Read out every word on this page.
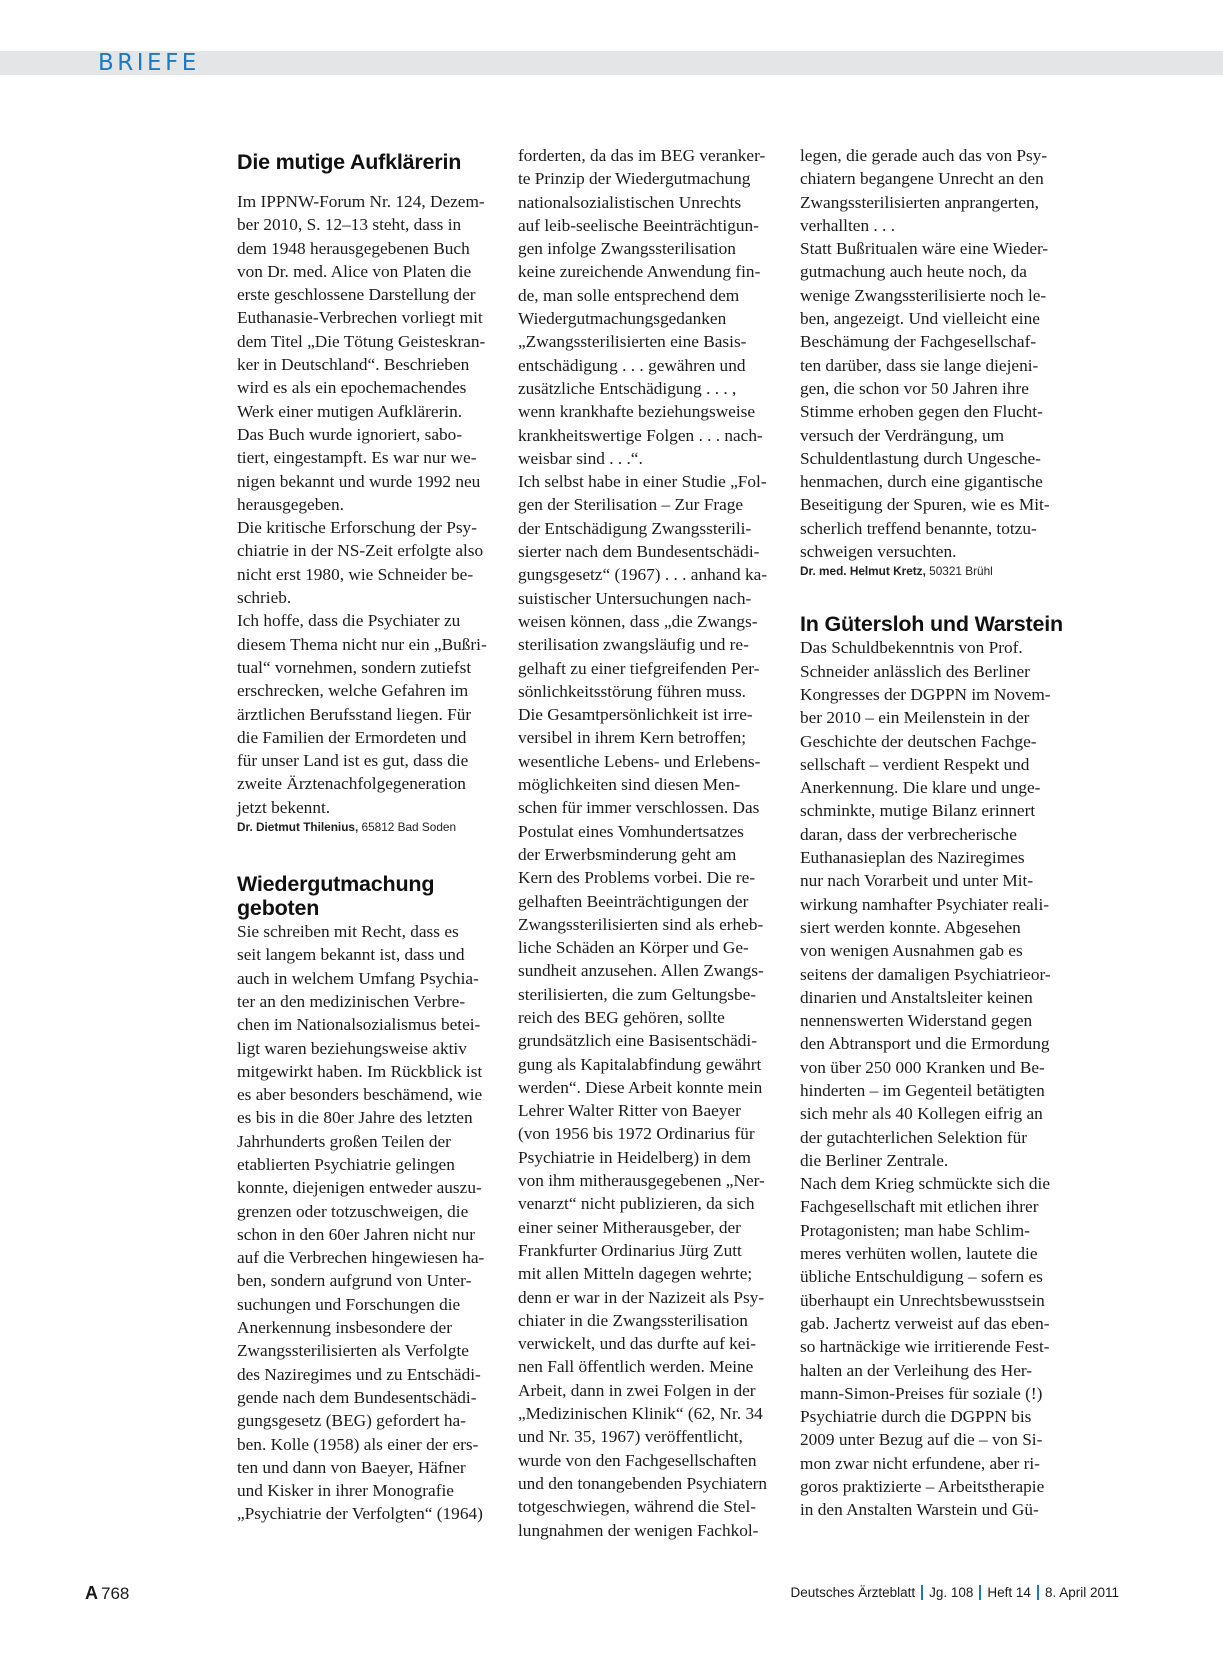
BRIEFE
Die mutige Aufklärerin

Im IPPNW-Forum Nr. 124, Dezem-
ber 2010, S. 12–13 steht, dass in
dem 1948 herausgegebenen Buch
von Dr. med. Alice von Platen die
erste geschlossene Darstellung der
Euthanasie-Verbrechen vorliegt mit
dem Titel „Die Tötung Geisteskran-
ker in Deutschland“. Beschrieben
wird es als ein epochemachendes
Werk einer mutigen Aufklärerin.
Das Buch wurde ignoriert, sabo-
tiert, eingestampft. Es war nur we-
nigen bekannt und wurde 1992 neu
herausgegeben.

Die kritische Erforschung der Psy-
chiatrie in der NS-Zeit erfolgte also
nicht erst 1980, wie Schneider be-
schrieb.

Ich hoffe, dass die Psychiater zu
diesem Thema nicht nur ein „Bußri-
tual“ vornehmen, sondern zutiefst
erschrecken, welche Gefahren im
ärztlichen Berufsstand liegen. Für
die Familien der Ermordeten und
für unser Land ist es gut, dass die
zweite Ärztenachfolgegeneration
jetzt bekennt.

Dr. Dietmut Thilenius, 65812 Bad Soden

Wiedergutmachung
geboten

Sie schreiben mit Recht, dass es
seit langem bekannt ist, dass und
auch in welchem Umfang Psychia-
ter an den medizinischen Verbre-
chen im Nationalsozialismus betei-
ligt waren beziehungsweise aktiv
mitgewirkt haben. Im Rückblick ist
es aber besonders beschämend, wie
es bis in die 80er Jahre des letzten
Jahrhunderts großen Teilen der
etablierten Psychiatrie gelingen
konnte, diejenigen entweder auszu-
grenzen oder totzuschweigen, die
schon in den 60er Jahren nicht nur
auf die Verbrechen hingewiesen ha-
ben, sondern aufgrund von Unter-
suchungen und Forschungen die
Anerkennung insbesondere der
Zwangssterilisierten als Verfolgte
des Naziregimes und zu Entschädi-
gende nach dem Bundesentschädi-
gungsgesetz (BEG) gefordert ha-
ben. Kolle (1958) als einer der ers-
ten und dann von Baeyer, Häfner
und Kisker in ihrer Monografie
„Psychiatrie der Verfolgten“ (1964)

forderten, da das im BEG veranker-
te Prinzip der Wiedergutmachung
nationalsozialistischen Unrechts
auf leib-seelische Beeinträchtigun-
gen infolge Zwangssterilisation
keine zureichende Anwendung fin-
de, man solle entsprechend dem
Wiedergutmachungsgedanken
„Zwangssterilisierten eine Basis-
entschädigung . . . gewähren und
zusätzliche Entschädigung . . . ,
wenn krankhafte beziehungsweise
krankheitswertige Folgen . . . nach-
weisbar sind . . .“.

Ich selbst habe in einer Studie „Fol-
gen der Sterilisation – Zur Frage
der Entschädigung Zwangssterili-
sierter nach dem Bundesentschädi-
gungsgesetz“ (1967) . . . anhand ka-
suistischer Untersuchungen nach-
weisen können, dass „die Zwangs-
sterilisation zwangsläufig und re-
gelhaft zu einer tiefgreifenden Per-
sönlichkeitsstörung führen muss.
Die Gesamtpersönlichkeit ist irre-
versibel in ihrem Kern betroffen;
wesentliche Lebens- und Erlebens-
möglichkeiten sind diesen Men-
schen für immer verschlossen. Das
Postulat eines Vomhundertsatzes
der Erwerbsminderung geht am
Kern des Problems vorbei. Die re-
gelhaften Beeinträchtigungen der
Zwangssterilisierten sind als erheb-
liche Schäden an Körper und Ge-
sundheit anzusehen. Allen Zwangs-
sterilisierten, die zum Geltungsbe-
reich des BEG gehören, sollte
grundsätzlich eine Basisentschädi-
gung als Kapitalabfindung gewährt
werden“. Diese Arbeit konnte mein
Lehrer Walter Ritter von Baeyer
(von 1956 bis 1972 Ordinarius für
Psychiatrie in Heidelberg) in dem
von ihm mitherausgegebenen „Ner-
venarzt“ nicht publizieren, da sich
einer seiner Mitherausgeber, der
Frankfurter Ordinarius Jürg Zutt
mit allen Mitteln dagegen wehrte;
denn er war in der Nazizeit als Psy-
chiater in die Zwangssterilisation
verwickelt, und das durfte auf kei-
nen Fall öffentlich werden. Meine
Arbeit, dann in zwei Folgen in der
„Medizinischen Klinik“ (62, Nr. 34
und Nr. 35, 1967) veröffentlicht,
wurde von den Fachgesellschaften
und den tonangebenden Psychiatern
totgeschwiegen, während die Stel-
lungnahmen der wenigen Fachkol-

legen, die gerade auch das von Psy-
chiatern begangene Unrecht an den
Zwangssterilisierten anprangerten,
verhallten . . .

Statt Bußritualen wäre eine Wieder-
gutmachung auch heute noch, da
wenige Zwangssterilisierte noch le-
ben, angezeigt. Und vielleicht eine
Beschämung der Fachgesellschaf-
ten darüber, dass sie lange diejeni-
gen, die schon vor 50 Jahren ihre
Stimme erhoben gegen den Flucht-
versuch der Verdrängung, um
Schuldentlastung durch Ungesche-
henmachen, durch eine gigantische
Beseitigung der Spuren, wie es Mit-
scherlich treffend benannte, totzu-
schweigen versuchten.

Dr. med. Helmut Kretz, 50321 Brühl

In Gütersloh und Warstein

Das Schuldbekenntnis von Prof.
Schneider anlässlich des Berliner
Kongresses der DGPPN im Novem-
ber 2010 – ein Meilenstein in der
Geschichte der deutschen Fachge-
sellschaft – verdient Respekt und
Anerkennung. Die klare und unge-
schminkte, mutige Bilanz erinnert
daran, dass der verbrecherische
Euthanasieplan des Naziregimes
nur nach Vorarbeit und unter Mit-
wirkung namhafter Psychiater reali-
siert werden konnte. Abgesehen
von wenigen Ausnahmen gab es
seitens der damaligen Psychiatrieor-
dinarien und Anstaltsleiter keinen
nennenswerten Widerstand gegen
den Abtransport und die Ermordung
von über 250 000 Kranken und Be-
hinderten – im Gegenteil betätigten
sich mehr als 40 Kollegen eifrig an
der gutachterlichen Selektion für
die Berliner Zentrale.

Nach dem Krieg schmückte sich die
Fachgesellschaft mit etlichen ihrer
Protagonisten; man habe Schlim-
meres verhüten wollen, lautete die
übliche Entschuldigung – sofern es
überhaupt ein Unrechtsbewusstsein
gab. Jachertz verweist auf das eben-
so hartnäckige wie irritierende Fest-
halten an der Verleihung des Her-
mann-Simon-Preises für soziale (!)
Psychiatrie durch die DGPPN bis
2009 unter Bezug auf die – von Si-
mon zwar nicht erfundene, aber ri-
goros praktizierte – Arbeitstherapie
in den Anstalten Warstein und Gü-

A 768	Deutsches Ärzteblatt Jg. 108 Heft 14 8. April 2011
